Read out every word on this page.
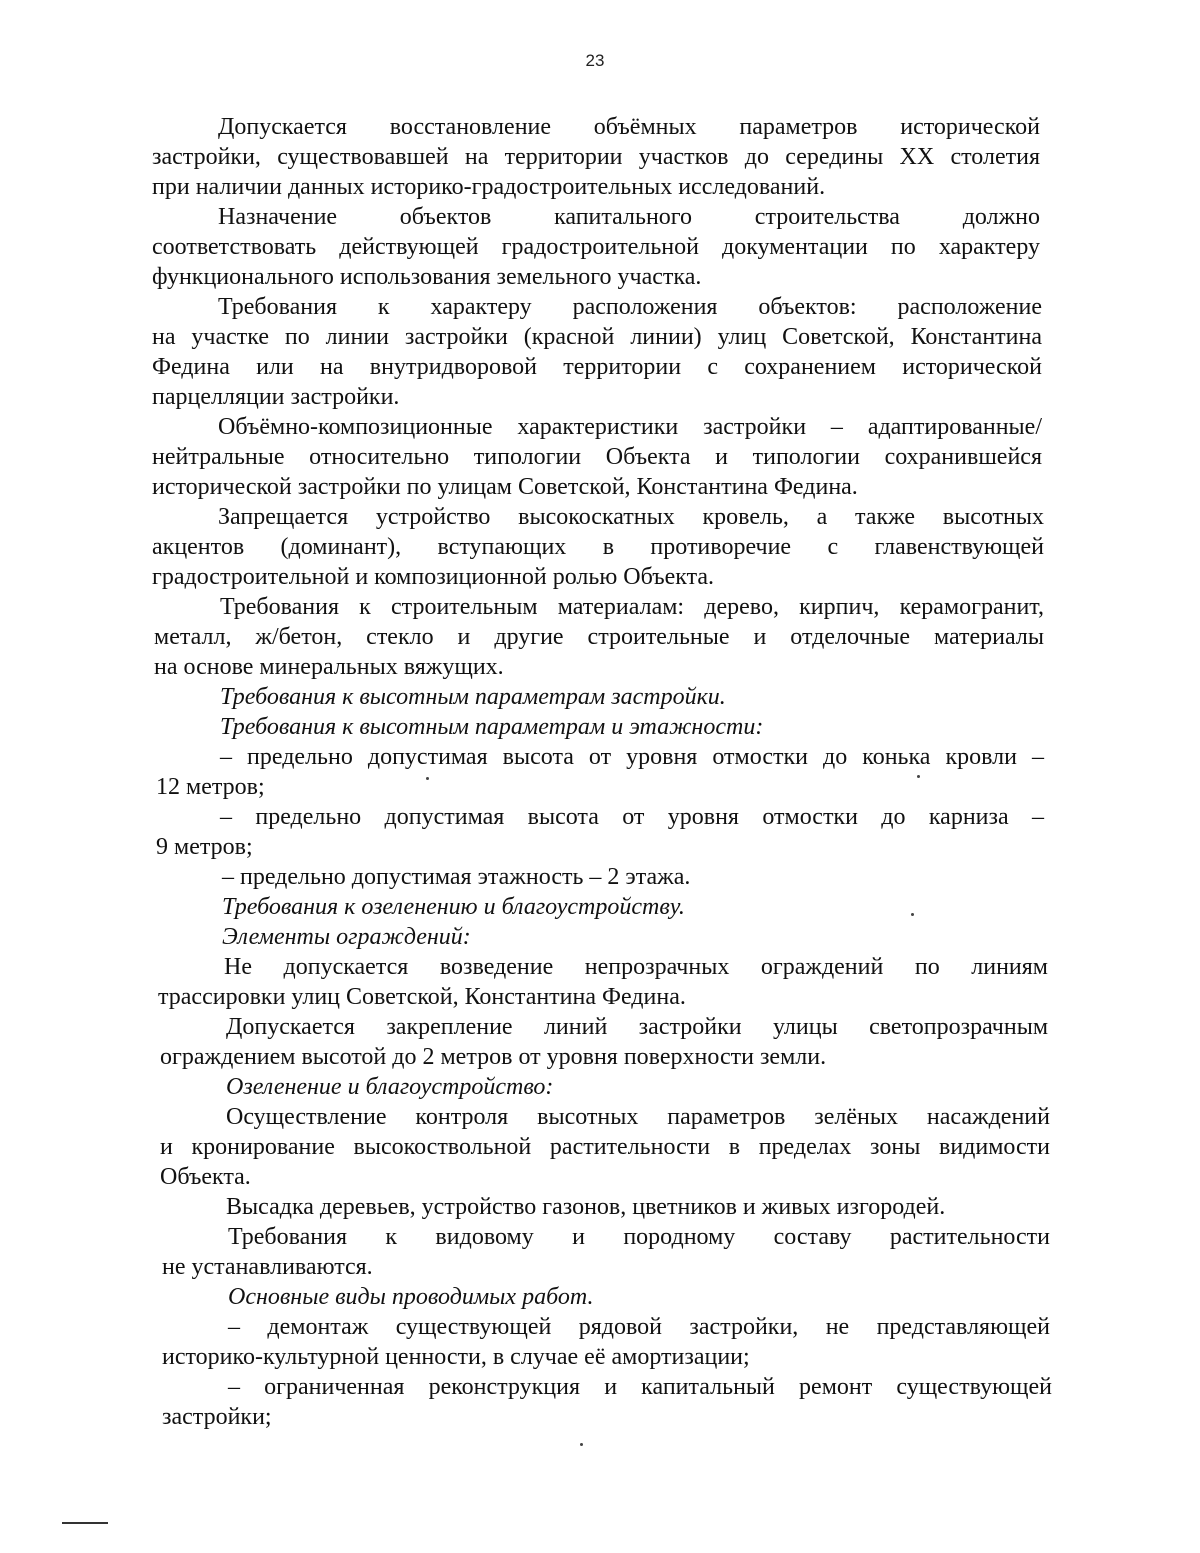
23
Допускается восстановление объёмных параметров исторической
застройки, существовавшей на территории участков до середины XX столетия
при наличии данных историко-градостроительных исследований.
Назначение объектов капитального строительства должно
соответствовать действующей градостроительной документации по характеру
функционального использования земельного участка.
Требования к характеру расположения объектов: расположение
на участке по линии застройки (красной линии) улиц Советской, Константина
Федина или на внутридворовой территории с сохранением исторической
парцелляции застройки.
Объёмно-композиционные характеристики застройки – адаптированные/
нейтральные относительно типологии Объекта и типологии сохранившейся
исторической застройки по улицам Советской, Константина Федина.
Запрещается устройство высокоскатных кровель, а также высотных
акцентов (доминант), вступающих в противоречие с главенствующей
градостроительной и композиционной ролью Объекта.
Требования к строительным материалам: дерево, кирпич, керамогранит,
металл, ж/бетон, стекло и другие строительные и отделочные материалы
на основе минеральных вяжущих.
Требования к высотным параметрам застройки.
Требования к высотным параметрам и этажности:
– предельно допустимая высота от уровня отмостки до конька кровли –
12 метров;
– предельно допустимая высота от уровня отмостки до карниза –
9 метров;
– предельно допустимая этажность – 2 этажа.
Требования к озеленению и благоустройству.
Элементы ограждений:
Не допускается возведение непрозрачных ограждений по линиям
трассировки улиц Советской, Константина Федина.
Допускается закрепление линий застройки улицы светопрозрачным
ограждением высотой до 2 метров от уровня поверхности земли.
Озеленение и благоустройство:
Осуществление контроля высотных параметров зелёных насаждений
и кронирование высокоствольной растительности в пределах зоны видимости
Объекта.
Высадка деревьев, устройство газонов, цветников и живых изгородей.
Требования к видовому и породному составу растительности
не устанавливаются.
Основные виды проводимых работ.
– демонтаж существующей рядовой застройки, не представляющей
историко-культурной ценности, в случае её амортизации;
– ограниченная реконструкция и капитальный ремонт существующей
застройки;
